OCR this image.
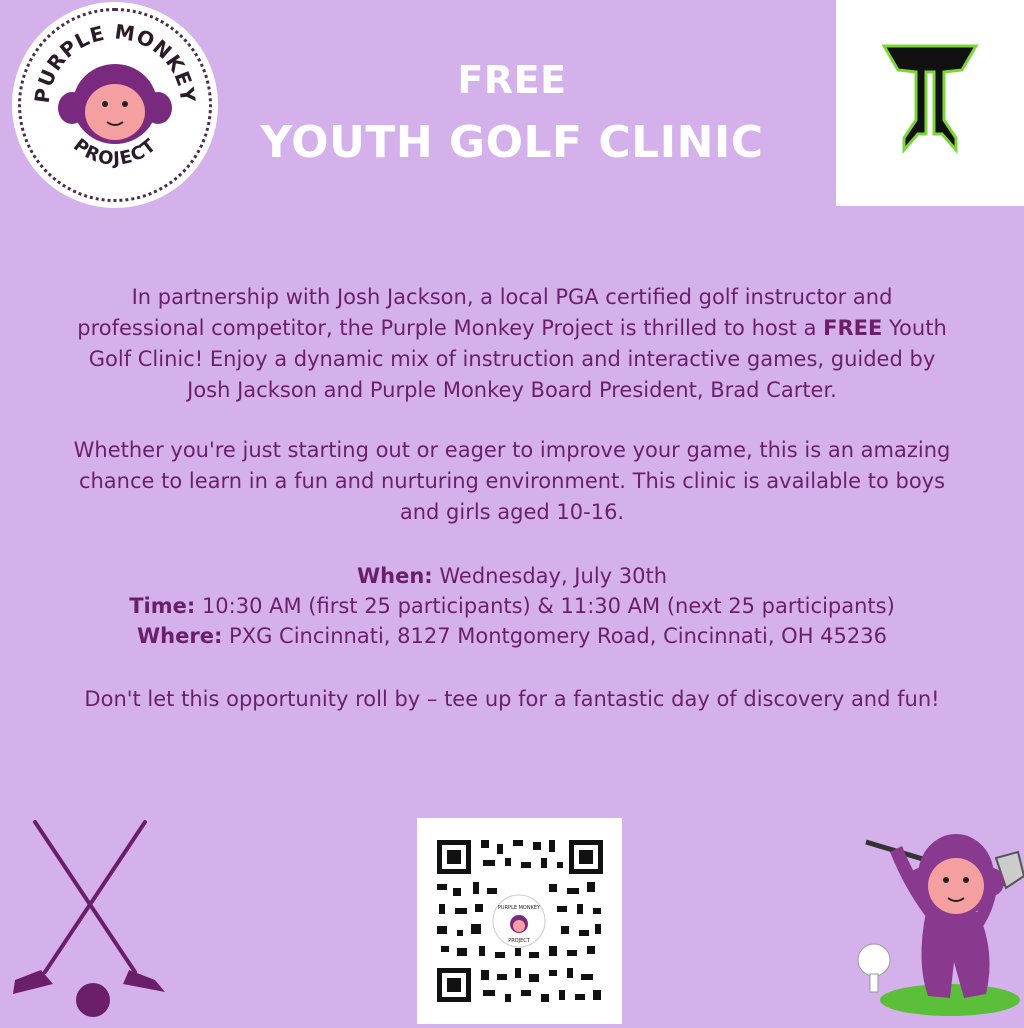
PURPLE MONKEY
PROJECT
FREE
YOUTH GOLF CLINIC
In partnership with Josh Jackson, a local PGA certified golf instructor and professional competitor, the Purple Monkey Project is thrilled to host a FREE Youth Golf Clinic! Enjoy a dynamic mix of instruction and interactive games, guided by Josh Jackson and Purple Monkey Board President, Brad Carter.
Whether you're just starting out or eager to improve your game, this is an amazing chance to learn in a fun and nurturing environment. This clinic is available to boys and girls aged 10-16.
When: Wednesday, July 30th
Time: 10:30 AM (first 25 participants) & 11:30 AM (next 25 participants)
Where: PXG Cincinnati, 8127 Montgomery Road, Cincinnati, OH 45236
Don't let this opportunity roll by – tee up for a fantastic day of discovery and fun!
PURPLE MONKEY
PROJECT
